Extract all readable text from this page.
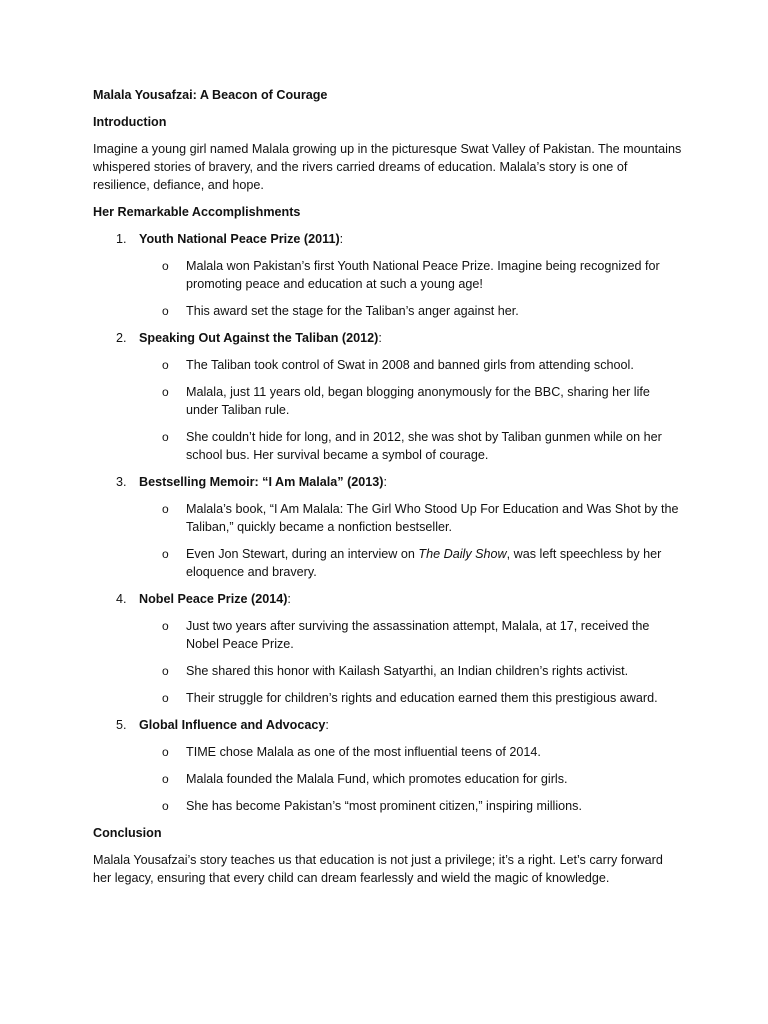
Malala Yousafzai: A Beacon of Courage

Introduction

Imagine a young girl named Malala growing up in the picturesque Swat Valley of Pakistan. The mountains whispered stories of bravery, and the rivers carried dreams of education. Malala’s story is one of resilience, defiance, and hope.

Her Remarkable Accomplishments

1. Youth National Peace Prize (2011):

o Malala won Pakistan’s first Youth National Peace Prize. Imagine being recognized for promoting peace and education at such a young age!
o This award set the stage for the Taliban’s anger against her.

2. Speaking Out Against the Taliban (2012):

o The Taliban took control of Swat in 2008 and banned girls from attending school.
o Malala, just 11 years old, began blogging anonymously for the BBC, sharing her life under Taliban rule.
o She couldn’t hide for long, and in 2012, she was shot by Taliban gunmen while on her school bus. Her survival became a symbol of courage.

3. Bestselling Memoir: “I Am Malala” (2013):

o Malala’s book, “I Am Malala: The Girl Who Stood Up For Education and Was Shot by the Taliban,” quickly became a nonfiction bestseller.
o Even Jon Stewart, during an interview on The Daily Show, was left speechless by her eloquence and bravery.

4. Nobel Peace Prize (2014):

o Just two years after surviving the assassination attempt, Malala, at 17, received the Nobel Peace Prize.
o She shared this honor with Kailash Satyarthi, an Indian children’s rights activist.
o Their struggle for children’s rights and education earned them this prestigious award.

5. Global Influence and Advocacy:

o TIME chose Malala as one of the most influential teens of 2014.
o Malala founded the Malala Fund, which promotes education for girls.
o She has become Pakistan’s “most prominent citizen,” inspiring millions.

Conclusion

Malala Yousafzai’s story teaches us that education is not just a privilege; it’s a right. Let’s carry forward her legacy, ensuring that every child can dream fearlessly and wield the magic of knowledge.
